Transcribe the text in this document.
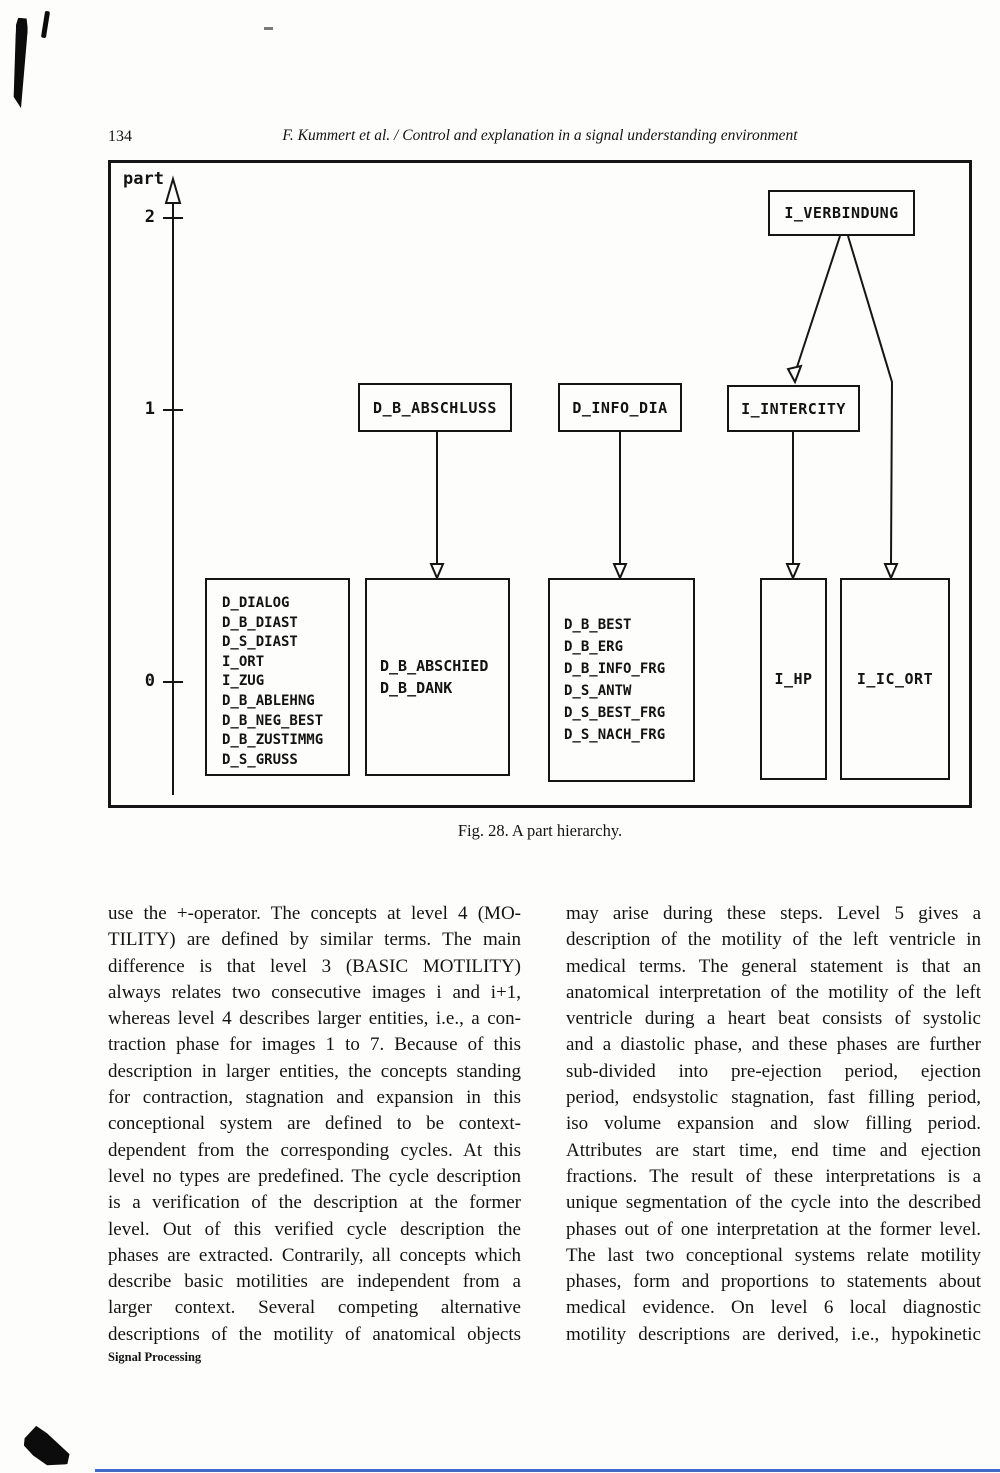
134	F. Kummert et al. / Control and explanation in a signal understanding environment
part
2
1
0
I_VERBINDUNG
D_B_ABSCHLUSS	D_INFO_DIA	I_INTERCITY
D_DIALOG
D_B_DIAST
D_S_DIAST
I_ORT
I_ZUG
D_B_ABLEHNG
D_B_NEG_BEST
D_B_ZUSTIMMG
D_S_GRUSS
D_B_ABSCHIED
D_B_DANK
D_B_BEST
D_B_ERG
D_B_INFO_FRG
D_S_ANTW
D_S_BEST_FRG
D_S_NACH_FRG
I_HP	I_IC_ORT
Fig. 28. A part hierarchy.
use the +-operator. The concepts at level 4 (MO-
TILITY) are defined by similar terms. The main
difference is that level 3 (BASIC MOTILITY)
always relates two consecutive images i and i+1,
whereas level 4 describes larger entities, i.e., a con-
traction phase for images 1 to 7. Because of this
description in larger entities, the concepts standing
for contraction, stagnation and expansion in this
conceptional system are defined to be context-
dependent from the corresponding cycles. At this
level no types are predefined. The cycle description
is a verification of the description at the former
level. Out of this verified cycle description the
phases are extracted. Contrarily, all concepts which
describe basic motilities are independent from a
larger context. Several competing alternative
descriptions of the motility of anatomical objects
may arise during these steps. Level 5 gives a
description of the motility of the left ventricle in
medical terms. The general statement is that an
anatomical interpretation of the motility of the left
ventricle during a heart beat consists of systolic
and a diastolic phase, and these phases are further
sub-divided into pre-ejection period, ejection
period, endsystolic stagnation, fast filling period,
iso volume expansion and slow filling period.
Attributes are start time, end time and ejection
fractions. The result of these interpretations is a
unique segmentation of the cycle into the described
phases out of one interpretation at the former level.
The last two conceptional systems relate motility
phases, form and proportions to statements about
medical evidence. On level 6 local diagnostic
motility descriptions are derived, i.e., hypokinetic
Signal Processing
